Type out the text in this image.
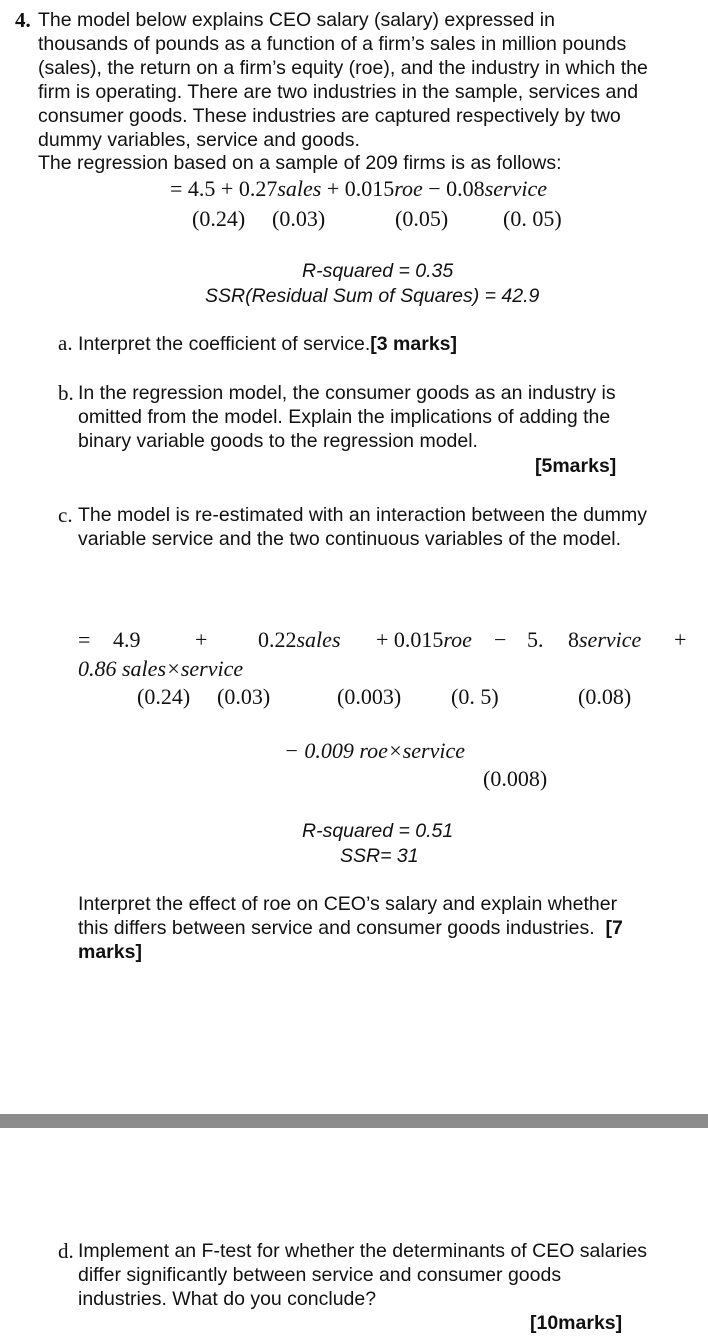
4. The model below explains CEO salary (salary) expressed in
thousands of pounds as a function of a firm’s sales in million pounds
(sales), the return on a firm’s equity (roe), and the industry in which the
firm is operating. There are two industries in the sample, services and
consumer goods. These industries are captured respectively by two
dummy variables, service and goods.
The regression based on a sample of 209 firms is as follows:
= 4.5 + 0.27sales + 0.015roe − 0.08service
(0.24) (0.03)	(0.05) (0. 05)
R-squared = 0.35
SSR(Residual Sum of Squares) = 42.9
a. Interpret the coefficient of service.[3 marks]
b. In the regression model, the consumer goods as an industry is
omitted from the model. Explain the implications of adding the
binary variable goods to the regression model.
[5marks]
c. The model is re-estimated with an interaction between the dummy
variable service and the two continuous variables of the model.
= 4.9 + 0.22sales + 0.015roe − 5. 8service +
0.86 sales×service
(0.24) (0.03)	(0.003) (0. 5)	(0.08)
− 0.009 roe×service
(0.008)
R-squared = 0.51
SSR= 31
Interpret the effect of roe on CEO’s salary and explain whether
this differs between service and consumer goods industries. [7
marks]
d. Implement an F-test for whether the determinants of CEO salaries
differ significantly between service and consumer goods
industries. What do you conclude?
[10marks]
